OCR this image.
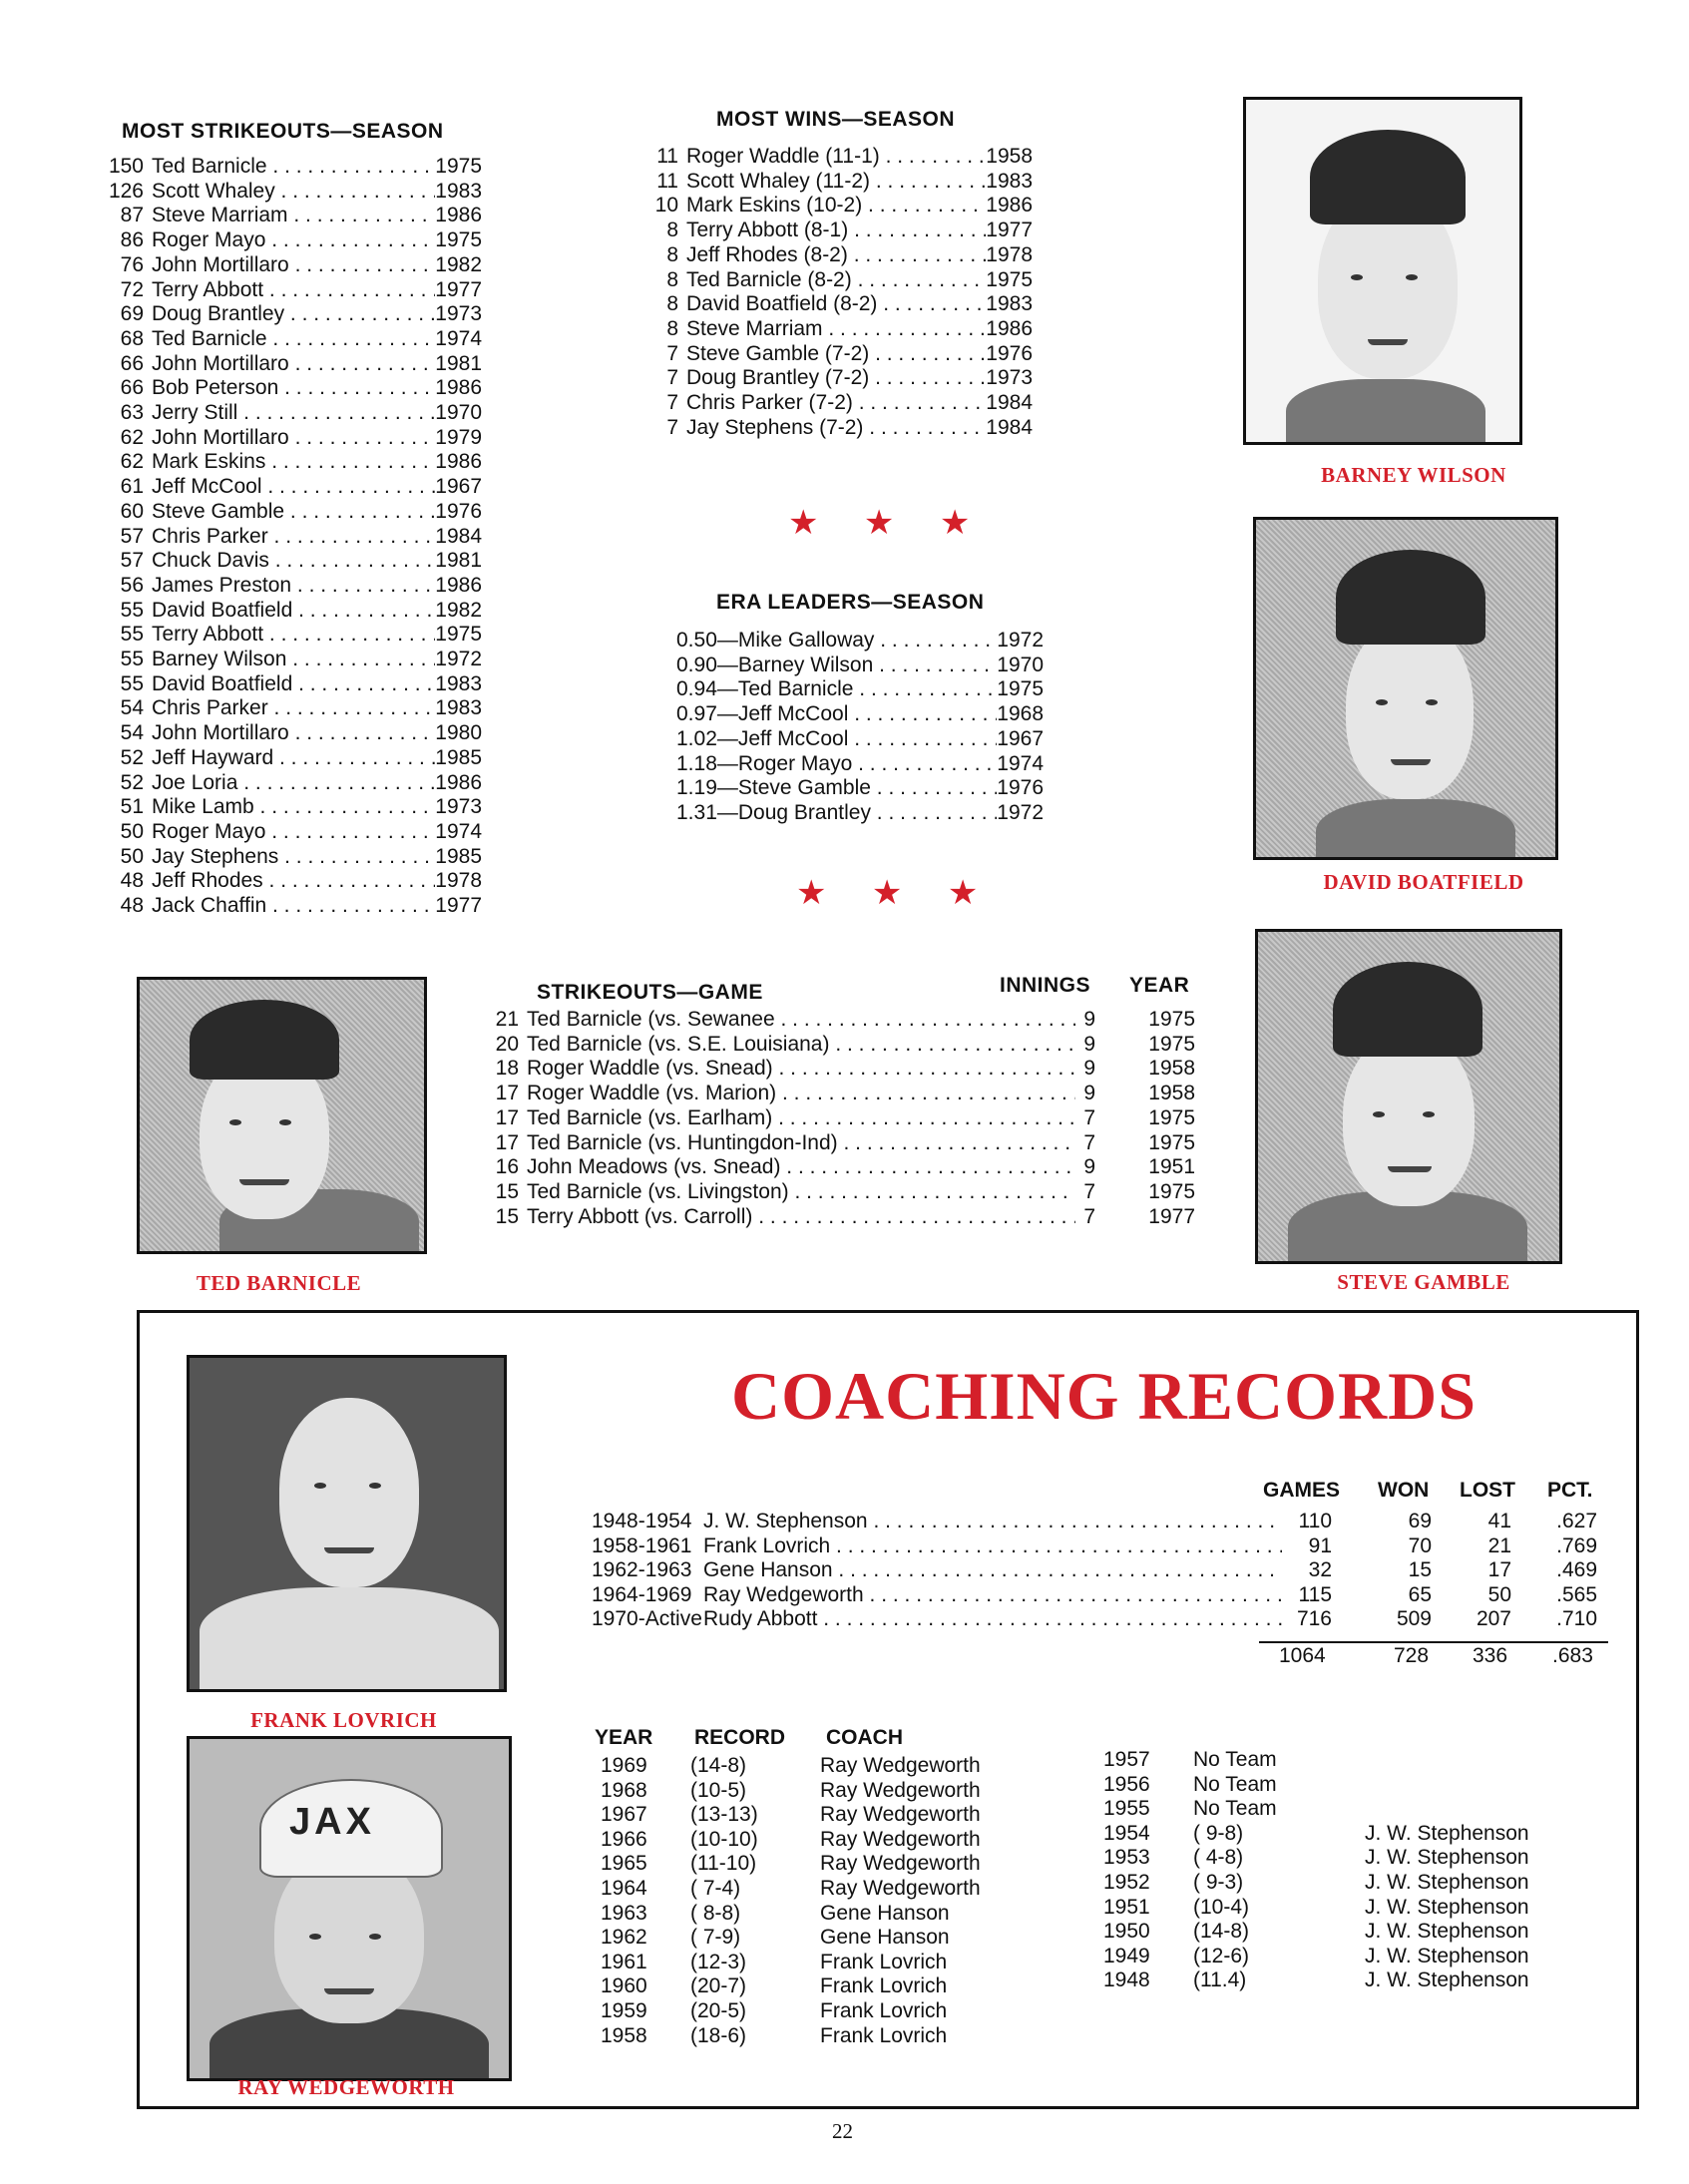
MOST STRIKEOUTS—SEASON
150 Ted Barnicle . . .	1975
126 Scott Whaley . . .	1983
87 Steve Marriam . . .	1986
86 Roger Mayo . . .	1975
76 John Mortillaro . . .	1982
72 Terry Abbott . . .	1977
69 Doug Brantley . . .	1973
68 Ted Barnicle . . .	1974
66 John Mortillaro . . .	1981
66 Bob Peterson . . .	1986
63 Jerry Still . . .	1970
62 John Mortillaro . . .	1979
62 Mark Eskins . . .	1986
61 Jeff McCool . . .	1967
60 Steve Gamble . . .	1976
57 Chris Parker . . .	1984
57 Chuck Davis . . .	1981
56 James Preston . . .	1986
55 David Boatfield . . .	1982
55 Terry Abbott . . .	1975
55 Barney Wilson . . .	1972
55 David Boatfield . . .	1983
54 Chris Parker . . .	1983
54 John Mortillaro . . .	1980
52 Jeff Hayward . . .	1985
52 Joe Loria . . .	1986
51 Mike Lamb . . .	1973
50 Roger Mayo . . .	1974
50 Jay Stephens . . .	1985
48 Jeff Rhodes . . .	1978
48 Jack Chaffin . . .	1977
MOST WINS—SEASON
11 Roger Waddle (11-1) . . .	1958
11 Scott Whaley (11-2) . . .	1983
10 Mark Eskins (10-2) . . .	1986
8 Terry Abbott (8-1) . . .	1977
8 Jeff Rhodes (8-2) . . .	1978
8 Ted Barnicle (8-2) . . .	1975
8 David Boatfield (8-2) . . .	1983
8 Steve Marriam . . .	1986
7 Steve Gamble (7-2) . . .	1976
7 Doug Brantley (7-2) . . .	1973
7 Chris Parker (7-2) . . .	1984
7 Jay Stephens (7-2) . . .	1984
★ ★ ★
ERA LEADERS—SEASON
0.50 — Mike Galloway . . .	1972
0.90 — Barney Wilson . . .	1970
0.94 — Ted Barnicle . . .	1975
0.97 — Jeff McCool . . .	1968
1.02 — Jeff McCool . . .	1967
1.18 — Roger Mayo . . .	1974
1.19 — Steve Gamble . . .	1976
1.31 — Doug Brantley . . .	1972
★ ★ ★
STRIKEOUTS—GAME	INNINGS YEAR
21 Ted Barnicle (vs. Sewanee . . .	9	1975
20 Ted Barnicle (vs. S.E. Louisiana) . . .	9	1975
18 Roger Waddle (vs. Snead) . . .	9	1958
17 Roger Waddle (vs. Marion) . . .	9	1958
17 Ted Barnicle (vs. Earlham) . . .	7	1975
17 Ted Barnicle (vs. Huntingdon-Ind) . . .	7	1975
16 John Meadows (vs. Snead) . . .	9	1951
15 Ted Barnicle (vs. Livingston) . . .	7	1975
15 Terry Abbott (vs. Carroll) . . .	7	1977
BARNEY WILSON
DAVID BOATFIELD
TED BARNICLE	STEVE GAMBLE
FRANK LOVRICH
JAX
RAY WEDGEWORTH
COACHING RECORDS
GAMES WON LOST PCT.
1948-1954 J. W. Stephenson . . .	110	69	41	.627
1958-1961 Frank Lovrich . . .	91	70	21	.769
1962-1963 Gene Hanson . . .	32	15	17	.469
1964-1969 Ray Wedgeworth . . .	115	65	50	.565
1970-Active Rudy Abbott . . .	716	509	207	.710
1064	728 336 .683
YEAR RECORD COACH
1969	(14-8)	Ray Wedgeworth
1968	(10-5)	Ray Wedgeworth
1967	(13-13)	Ray Wedgeworth
1966	(10-10)	Ray Wedgeworth
1965	(11-10)	Ray Wedgeworth
1964	( 7-4)	Ray Wedgeworth
1963	( 8-8)	Gene Hanson
1962	( 7-9)	Gene Hanson
1961	(12-3)	Frank Lovrich
1960	(20-7)	Frank Lovrich
1959	(20-5)	Frank Lovrich
1958	(18-6)	Frank Lovrich
1957	No Team
1956	No Team
1955	No Team
1954	( 9-8)	J. W. Stephenson
1953	( 4-8)	J. W. Stephenson
1952	( 9-3)	J. W. Stephenson
1951	(10-4)	J. W. Stephenson
1950	(14-8)	J. W. Stephenson
1949	(12-6)	J. W. Stephenson
1948	(11.4)	J. W. Stephenson
22
